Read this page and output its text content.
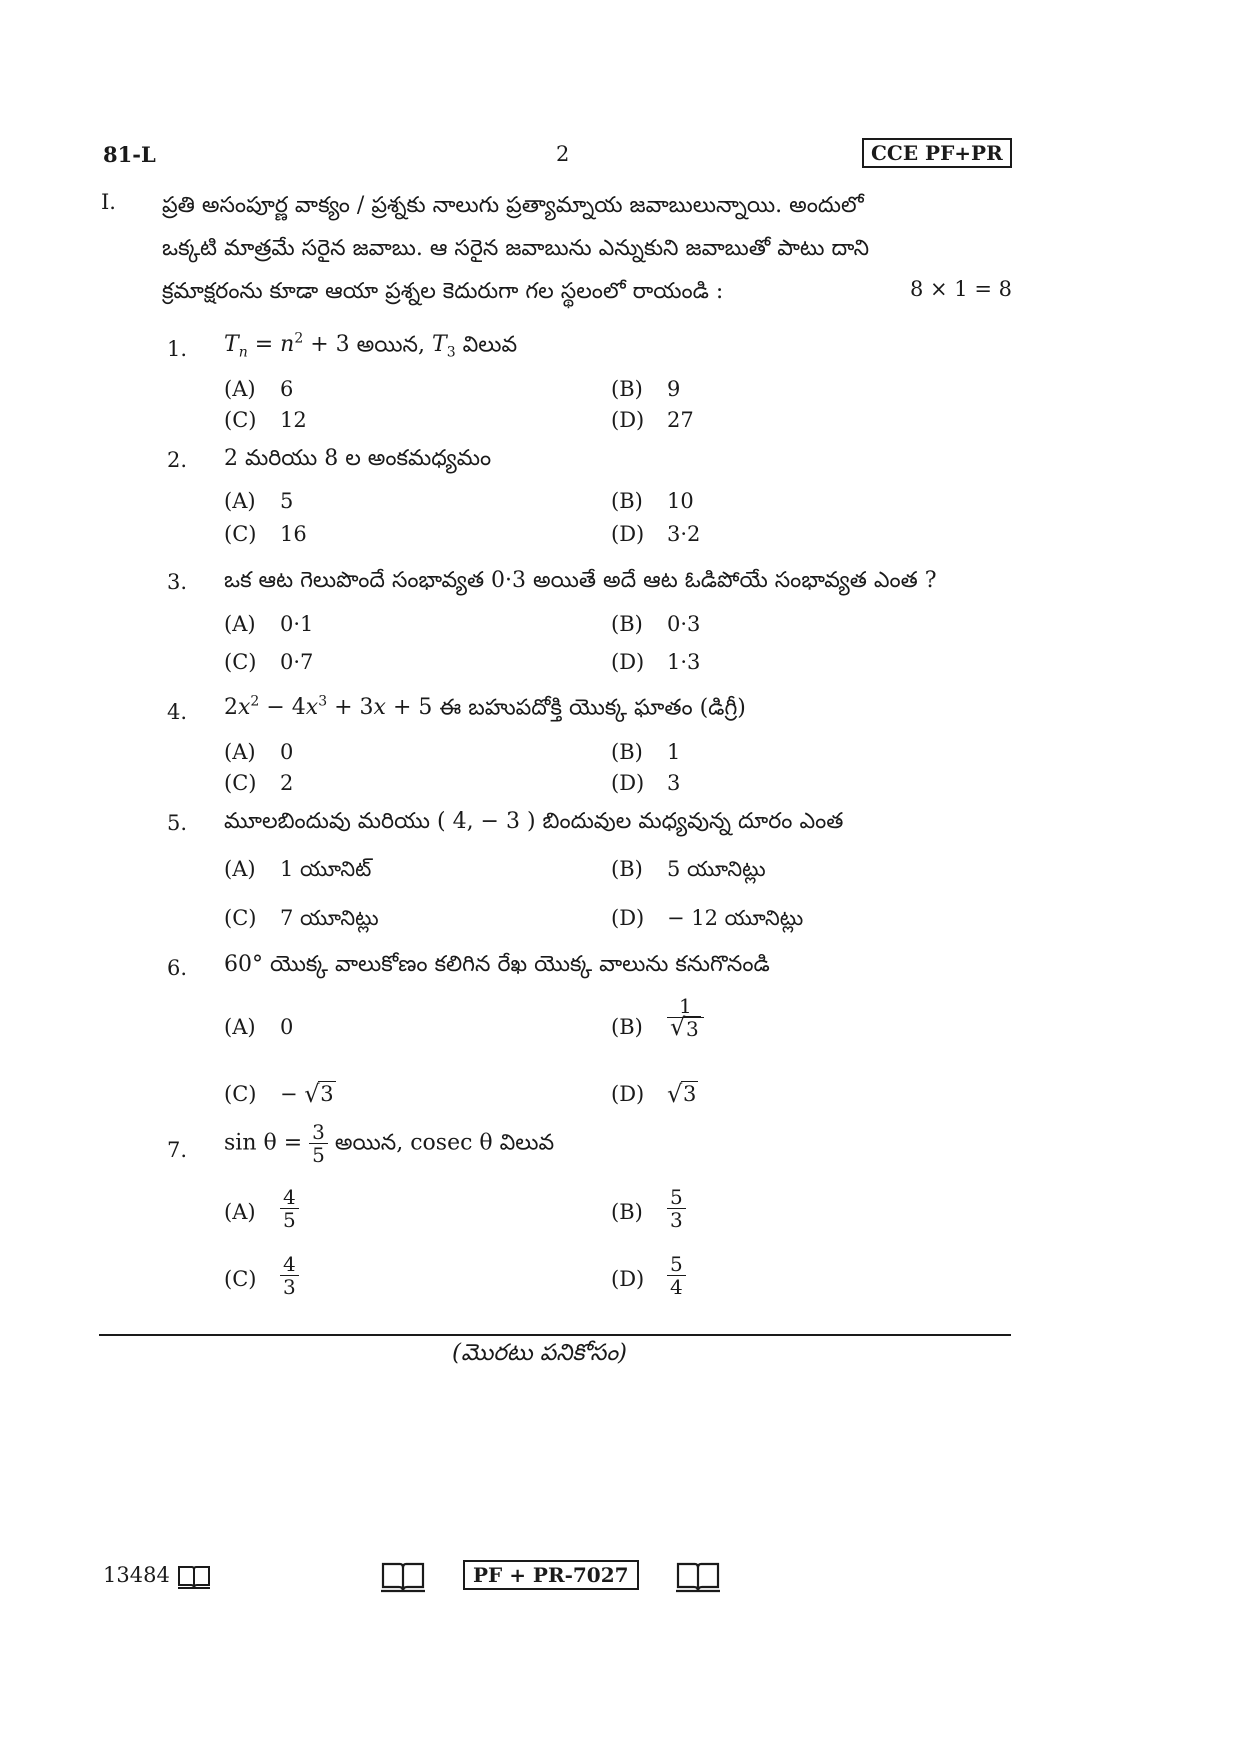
81-L	2	CCE PF+PR
I. ప్రతి అసంపూర్ణ వాక్యం / ప్రశ్నకు నాలుగు ప్రత్యామ్నాయ జవాబులున్నాయి. అందులో
ఒక్కటి మాత్రమే సరైన జవాబు. ఆ సరైన జవాబును ఎన్నుకుని జవాబుతో పాటు దాని
క్రమాక్షరంను కూడా ఆయా ప్రశ్నల కెదురుగా గల స్థలంలో రాయండి :	8 × 1 = 8
1. $T_n = n^2 + 3$ అయిన, $T_3$ విలువ
(A) 6	(B) 9
(C) 12	(D) 27
2. 2 మరియు 8 ల అంకమధ్యమం
(A) 5	(B) 10
(C) 16	(D) 3·2
3. ఒక ఆట గెలుపొందే సంభావ్యత 0·3 అయితే అదే ఆట ఓడిపోయే సంభావ్యత ఎంత ?
(A) 0·1	(B) 0·3
(C) 0·7	(D) 1·3
4. $2x^2 - 4x^3 + 3x + 5$ ఈ బహుపదోక్తి యొక్క ఘాతం (డిగ్రీ)
(A) 0	(B) 1
(C) 2	(D) 3
5. మూలబిందువు మరియు ( 4, − 3 ) బిందువుల మధ్యవున్న దూరం ఎంత
(A) 1 యూనిట్	(B) 5 యూనిట్లు
(C) 7 యూనిట్లు	(D) − 12 యూనిట్లు
6. 60° యొక్క వాలుకోణం కలిగిన రేఖ యొక్క వాలును కనుగొనండి
(A) 0	$(B) \frac{1}{√ 3}$
(C) − √ 3	(D) √ 3
7. $\sin \theta = \frac{3}{5}$ అయిన, cosec θ విలువ
$(A) \frac{4}{5}$	$(B) \frac{5}{3}$
$(C) \frac{4}{3}$	$(D) \frac{5}{4}$
(మొరటు పనికోసం)
13484	PF + PR-7027
